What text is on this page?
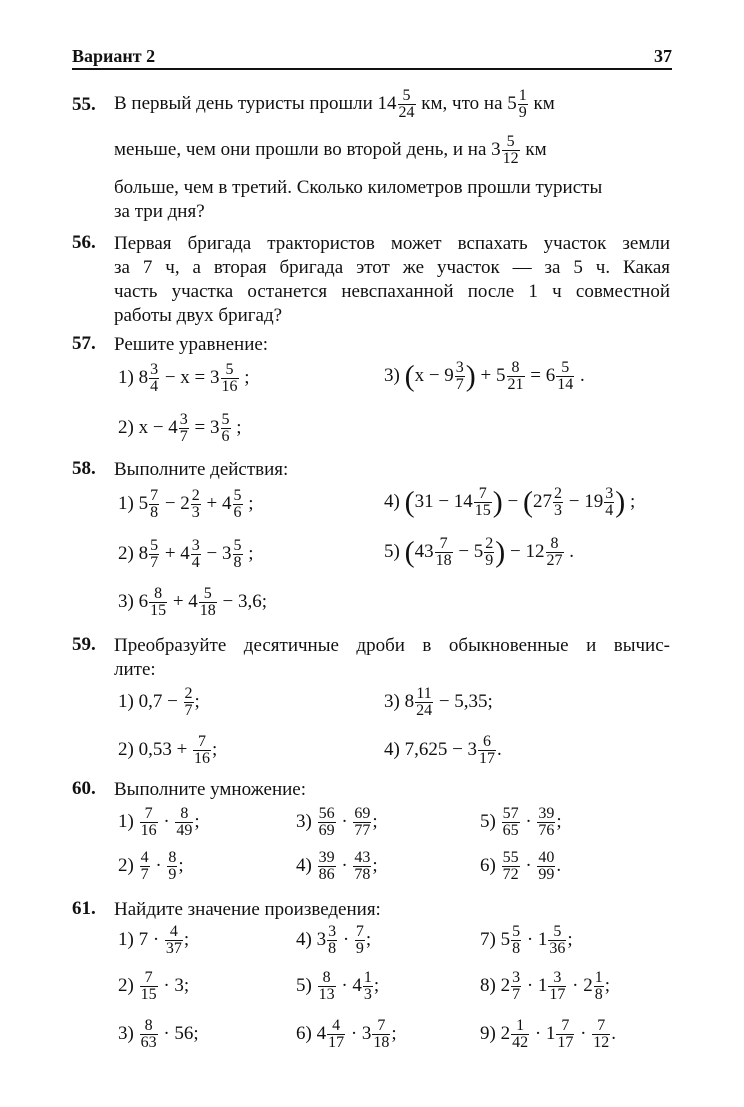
Вариант 2	37
55. В первый день туристы прошли $14 \frac{5}{24}$ км, что на $5 \frac{1}{9}$ км
меньше, чем они прошли во второй день, и на $3 \frac{5}{12}$ км
больше, чем в третий. Сколько километров прошли туристы
за три дня?
56. Первая бригада трактористов может вспахать участок земли
за 7 ч, а вторая бригада этот же участок — за 5 ч. Какая
часть участка останется невспаханной после 1 ч совместной
работы двух бригад?
57. Решите уравнение:
1) $8 \frac{3}{4} - x = 3 \frac{5}{16}$ ;	3) ($x - 9 \frac{3}{7}$ ) + $5 \frac{8}{21} = 6 \frac{5}{14}$ .
2) $x - 4 \frac{3}{7} = 3 \frac{5}{6}$ ;
58. Выполните действия:
1) $5 \frac{7}{8} - 2 \frac{2}{3} + 4 \frac{5}{6}$ ;	4) ($31 - 14 \frac{7}{15}$ ) − ($27 \frac{2}{3} - 19 \frac{3}{4}$ ) ;
2) $8 \frac{5}{7} + 4 \frac{3}{4} - 3 \frac{5}{8}$ ;	5) ($43 \frac{7}{18} - 5 \frac{2}{9}$ ) − $12 \frac{8}{27}$ .
3) $6 \frac{8}{15} + 4 \frac{5}{18} - 3,6$;
59. Преобразуйте десятичные дроби в обыкновенные и вычис-
лите:
1) $0,7 - \frac{2}{7}$ ;	3) $8 \frac{11}{24} - 5,35$;
2) $0,53 + \frac{7}{16}$ ;	4) $7,625 - 3 \frac{6}{17}$ .
60. Выполните умножение:
$1) \frac{7}{16} \cdot \frac{8}{49}$ ;	$3) \frac{56}{69} \cdot \frac{69}{77}$ ;	$5) \frac{57}{65} \cdot \frac{39}{76}$ ;
$2) \frac{4}{7} \cdot \frac{8}{9}$ ;	$4) \frac{39}{86} \cdot \frac{43}{78}$ ;	$6) \frac{55}{72} \cdot \frac{40}{99}$ .
61. Найдите значение произведения:
1) $7 \cdot \frac{4}{37}$ ;	4) $3 \frac{3}{8} \cdot \frac{7}{9}$ ;	7) $5 \frac{5}{8} \cdot 1 \frac{5}{36}$ ;
$2) \frac{7}{15} \cdot 3$;	$5) \frac{8}{13} \cdot 4 \frac{1}{3}$ ;	8) $2 \frac{3}{7} \cdot 1 \frac{3}{17} \cdot 2 \frac{1}{8}$ ;
$3) \frac{8}{63} \cdot 56$;	6) $4 \frac{4}{17} \cdot 3 \frac{7}{18}$ ;	9) $2 \frac{1}{42} \cdot 1 \frac{7}{17} \cdot \frac{7}{12}$ .
